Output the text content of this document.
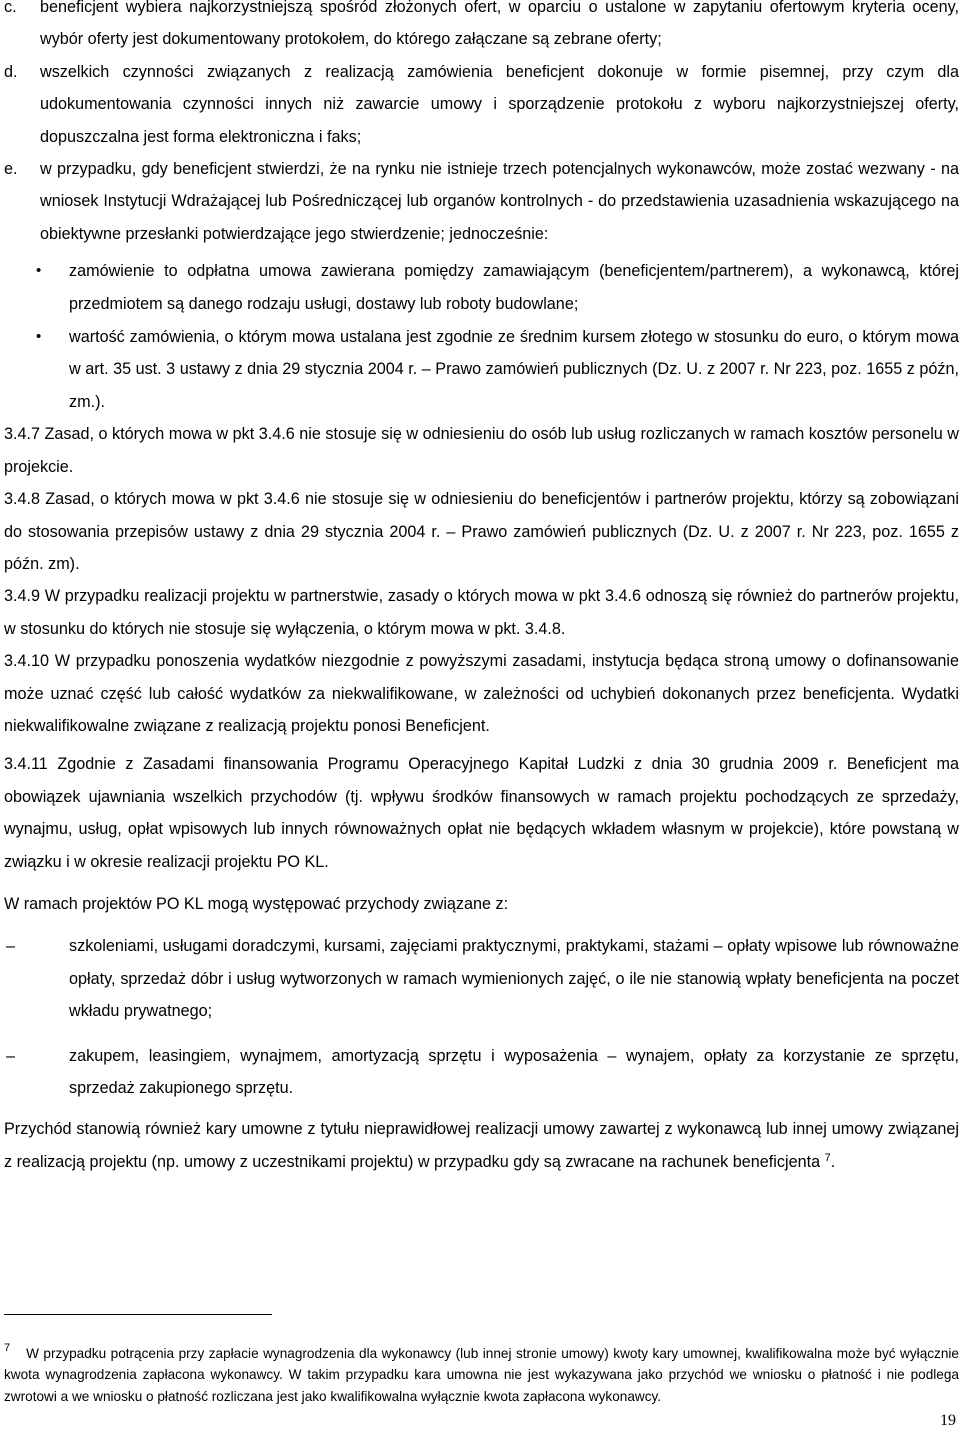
c. beneficjent wybiera najkorzystniejszą spośród złożonych ofert, w oparciu o ustalone w zapytaniu ofertowym kryteria oceny, wybór oferty jest dokumentowany protokołem, do którego załączane są zebrane oferty;
d. wszelkich czynności związanych z realizacją zamówienia beneficjent dokonuje w formie pisemnej, przy czym dla udokumentowania czynności innych niż zawarcie umowy i sporządzenie protokołu z wyboru najkorzystniejszej oferty, dopuszczalna jest forma elektroniczna i faks;
e. w przypadku, gdy beneficjent stwierdzi, że na rynku nie istnieje trzech potencjalnych wykonawców, może zostać wezwany - na wniosek Instytucji Wdrażającej lub Pośredniczącej lub organów kontrolnych - do przedstawienia uzasadnienia wskazującego na obiektywne przesłanki potwierdzające jego stwierdzenie; jednocześnie:
• zamówienie to odpłatna umowa zawierana pomiędzy zamawiającym (beneficjentem/partnerem), a wykonawcą, której przedmiotem są danego rodzaju usługi, dostawy lub roboty budowlane;
• wartość zamówienia, o którym mowa ustalana jest zgodnie ze średnim kursem złotego w stosunku do euro, o którym mowa w art. 35 ust. 3 ustawy z dnia 29 stycznia 2004 r. – Prawo zamówień publicznych (Dz. U. z 2007 r. Nr 223, poz. 1655 z późn, zm.).
3.4.7 Zasad, o których mowa w pkt 3.4.6 nie stosuje się w odniesieniu do osób lub usług rozliczanych w ramach kosztów personelu w projekcie.
3.4.8 Zasad, o których mowa w pkt 3.4.6 nie stosuje się w odniesieniu do beneficjentów i partnerów projektu, którzy są zobowiązani do stosowania przepisów ustawy z dnia 29 stycznia 2004 r. – Prawo zamówień publicznych (Dz. U. z 2007 r. Nr 223, poz. 1655 z późn. zm).
3.4.9 W przypadku realizacji projektu w partnerstwie, zasady o których mowa w pkt 3.4.6 odnoszą się również do partnerów projektu, w stosunku do których nie stosuje się wyłączenia, o którym mowa w pkt. 3.4.8.
3.4.10 W przypadku ponoszenia wydatków niezgodnie z powyższymi zasadami, instytucja będąca stroną umowy o dofinansowanie może uznać część lub całość wydatków za niekwalifikowane, w zależności od uchybień dokonanych przez beneficjenta. Wydatki niekwalifikowalne związane z realizacją projektu ponosi Beneficjent.
3.4.11 Zgodnie z Zasadami finansowania Programu Operacyjnego Kapitał Ludzki z dnia 30 grudnia 2009 r. Beneficjent ma obowiązek ujawniania wszelkich przychodów (tj. wpływu środków finansowych w ramach projektu pochodzących ze sprzedaży, wynajmu, usług, opłat wpisowych lub innych równoważnych opłat nie będących wkładem własnym w projekcie), które powstaną w związku i w okresie realizacji projektu PO KL.
W ramach projektów PO KL mogą występować przychody związane z:
–	szkoleniami, usługami doradczymi, kursami, zajęciami praktycznymi, praktykami, stażami – opłaty wpisowe lub równoważne opłaty, sprzedaż dóbr i usług wytworzonych w ramach wymienionych zajęć, o ile nie stanowią wpłaty beneficjenta na poczet wkładu prywatnego;
–	zakupem, leasingiem, wynajmem, amortyzacją sprzętu i wyposażenia – wynajem, opłaty za korzystanie ze sprzętu, sprzedaż zakupionego sprzętu.
Przychód stanowią również kary umowne z tytułu nieprawidłowej realizacji umowy zawartej z wykonawcą lub innej umowy związanej z realizacją projektu (np. umowy z uczestnikami projektu) w przypadku gdy są zwracane na rachunek beneficjenta $^7$.
$^7$ W przypadku potrącenia przy zapłacie wynagrodzenia dla wykonawcy (lub innej stronie umowy) kwoty kary umownej, kwalifikowalna może być wyłącznie kwota wynagrodzenia zapłacona wykonawcy. W takim przypadku kara umowna nie jest wykazywana jako przychód we wniosku o płatność i nie podlega zwrotowi a we wniosku o płatność rozliczana jest jako kwalifikowalna wyłącznie kwota zapłacona wykonawcy.
19
